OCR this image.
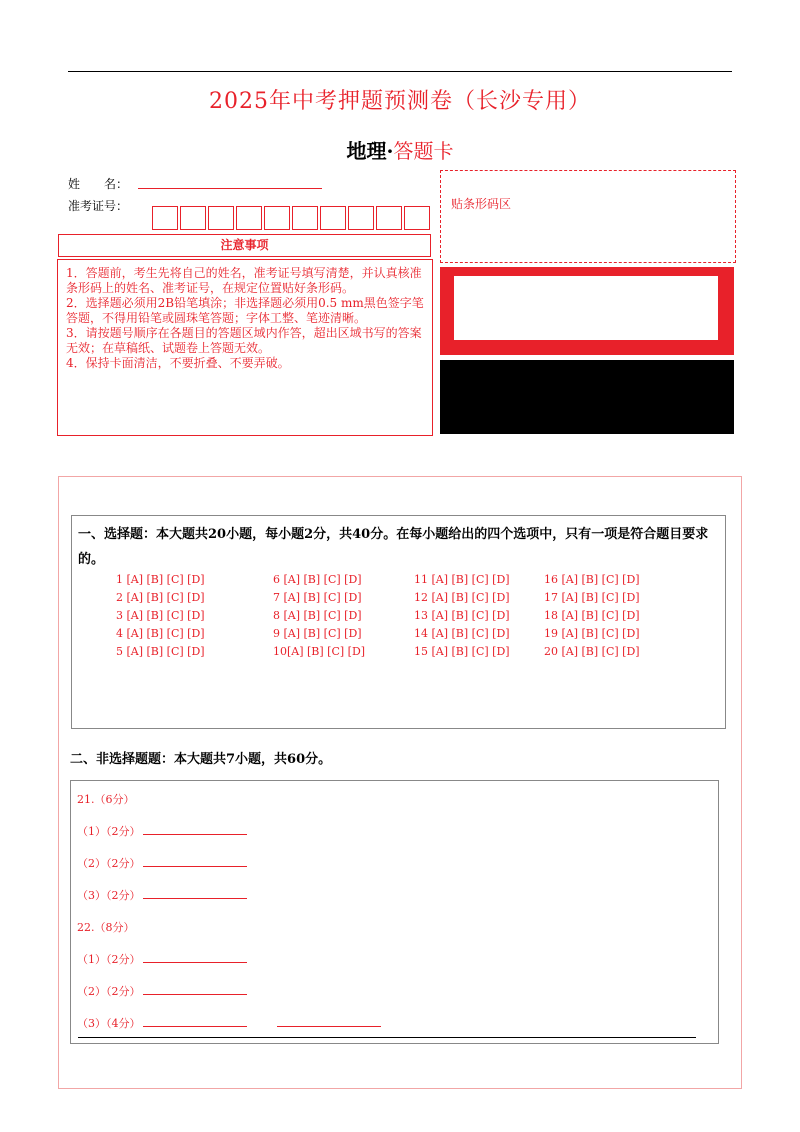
2025年中考押题预测卷（长沙专用）
地理·答题卡
姓　　名：
准考证号：
注意事项

1．答题前，考生先将自己的姓名，准考证号填写清楚，并认真核准条形码上的姓名、准考证号，在规定位置贴好条形码。

2．选择题必须用2B铅笔填涂；非选择题必须用0.5 mm黑色签字笔答题，不得用铅笔或圆珠笔答题；字体工整、笔迹清晰。

3．请按题号顺序在各题目的答题区域内作答，超出区域书写的答案无效；在草稿纸、试题卷上答题无效。

4．保持卡面清洁，不要折叠、不要弄破。

贴条形码区
一、选择题：本大题共20小题，每小题2分，共40分。在每小题给出的四个选项中，只有一项是符合题目要求的。
1 [A] [B] [C] [D]
2 [A] [B] [C] [D]
3 [A] [B] [C] [D]
4 [A] [B] [C] [D]
5 [A] [B] [C] [D]
6 [A] [B] [C] [D]
7 [A] [B] [C] [D]
8 [A] [B] [C] [D]
9 [A] [B] [C] [D]
10[A] [B] [C] [D]
11 [A] [B] [C] [D]
12 [A] [B] [C] [D]
13 [A] [B] [C] [D]
14 [A] [B] [C] [D]
15 [A] [B] [C] [D]
16 [A] [B] [C] [D]
17 [A] [B] [C] [D]
18 [A] [B] [C] [D]
19 [A] [B] [C] [D]
20 [A] [B] [C] [D]
二、非选择题题：本大题共7小题，共60分。
21.（6分）
（1）（2分）
（2）（2分）
（3）（2分）
22.（8分）
（1）（2分）
（2）（2分）
（3）（4分）
